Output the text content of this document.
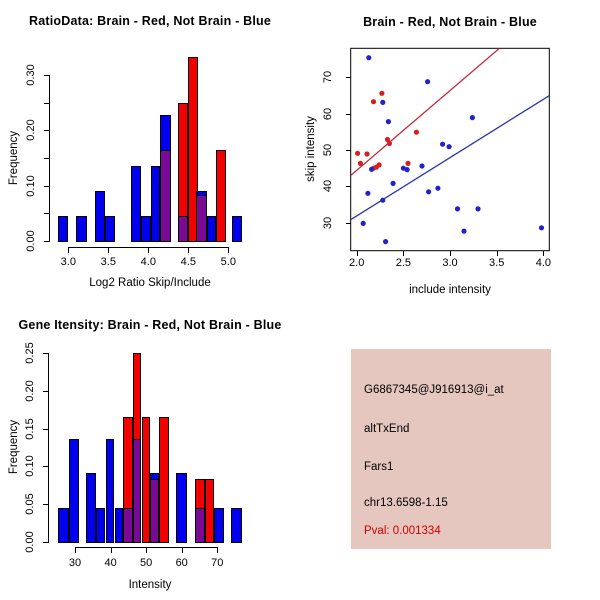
RatioData: Brain - Red, Not Brain - Blue
Frequency
Log2 Ratio Skip/Include
0.00
0.10
0.20
0.30
3.0 3.5 4.0 4.5 5.0
Brain - Red, Not Brain - Blue
skip intensity
include intensity
2.0	2.5	3.0	3.5	4.0
30
40
50
60
70
Gene Itensity: Brain - Red, Not Brain - Blue
Frequency
Intensity
0.00
0.05
0.10
0.15
0.20
0.25
30 40 50 60 70
G6867345@J916913@i_at
altTxEnd
Fars1
chr13.6598-1.15
Pval: 0.001334
